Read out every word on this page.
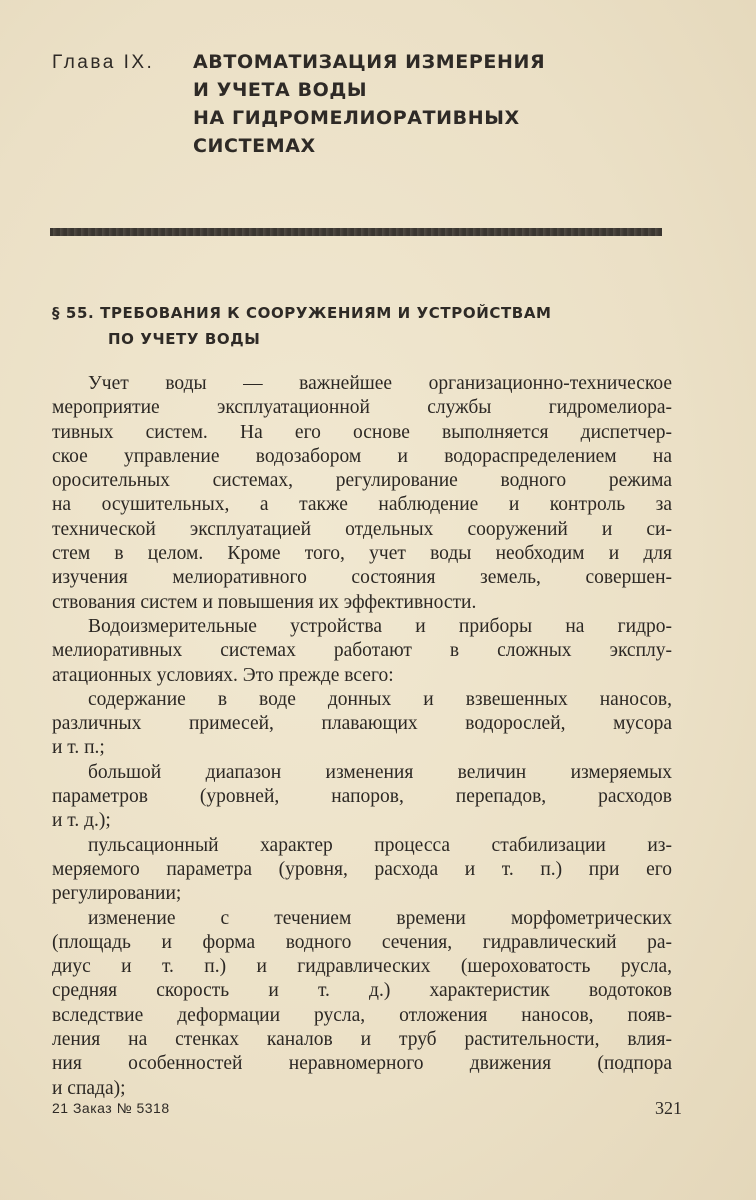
Глава IX. АВТОМАТИЗАЦИЯ ИЗМЕРЕНИЯ
И УЧЕТА ВОДЫ
НА ГИДРОМЕЛИОРАТИВНЫХ
СИСТЕМАХ
§ 55. ТРЕБОВАНИЯ К СООРУЖЕНИЯМ И УСТРОЙСТВАМ
ПО УЧЕТУ ВОДЫ
Учет воды — важнейшее организационно-техническое
мероприятие эксплуатационной службы гидромелиора-
тивных систем. На его основе выполняется диспетчер-
ское управление водозабором и водораспределением на
оросительных системах, регулирование водного режима
на осушительных, а также наблюдение и контроль за
технической эксплуатацией отдельных сооружений и си-
стем в целом. Кроме того, учет воды необходим и для
изучения мелиоративного состояния земель, совершен-
ствования систем и повышения их эффективности.
Водоизмерительные устройства и приборы на гидро-
мелиоративных системах работают в сложных эксплу-
атационных условиях. Это прежде всего:
содержание в воде донных и взвешенных наносов,
различных примесей, плавающих водорослей, мусора
и т. п.;
большой диапазон изменения величин измеряемых
параметров (уровней, напоров, перепадов, расходов
и т. д.);
пульсационный характер процесса стабилизации из-
меряемого параметра (уровня, расхода и т. п.) при его
регулировании;
изменение с течением времени морфометрических
(площадь и форма водного сечения, гидравлический ра-
диус и т. п.) и гидравлических (шероховатость русла,
средняя скорость и т. д.) характеристик водотоков
вследствие деформации русла, отложения наносов, появ-
ления на стенках каналов и труб растительности, влия-
ния особенностей неравномерного движения (подпора
и спада);
21 Заказ № 5318	321
